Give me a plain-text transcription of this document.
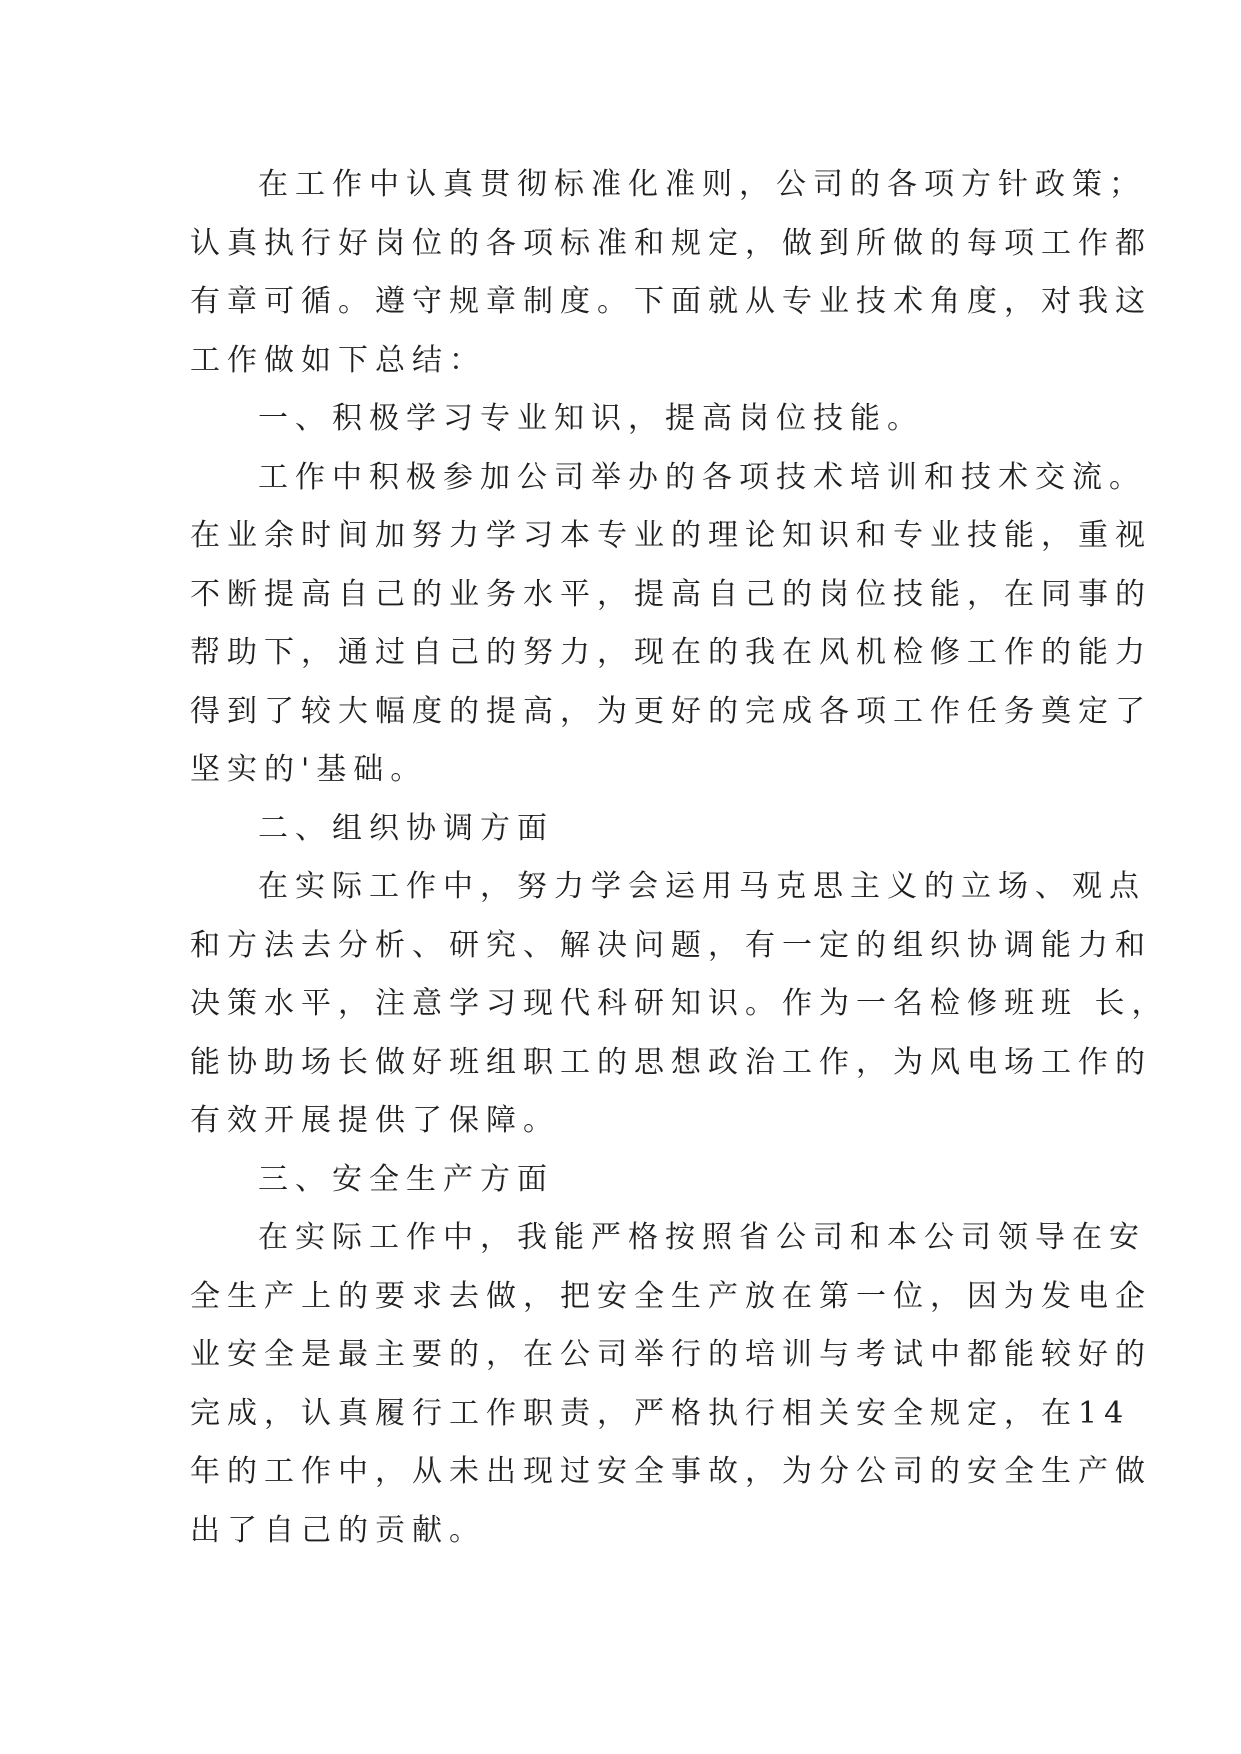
在工作中认真贯彻标准化准则，公司的各项方针政策；
认真执行好岗位的各项标准和规定，做到所做的每项工作都
有章可循。遵守规章制度。下面就从专业技术角度，对我这
工作做如下总结：

一、积极学习专业知识，提高岗位技能。

工作中积极参加公司举办的各项技术培训和技术交流。
在业余时间加努力学习本专业的理论知识和专业技能，重视
不断提高自己的业务水平，提高自己的岗位技能，在同事的
帮助下，通过自己的努力，现在的我在风机检修工作的能力
得到了较大幅度的提高，为更好的完成各项工作任务奠定了
坚实的'基础。

二、组织协调方面

在实际工作中，努力学会运用马克思主义的立场、观点
和方法去分析、研究、解决问题，有一定的组织协调能力和
决策水平，注意学习现代科研知识。作为一名检修班班 长，
能协助场长做好班组职工的思想政治工作，为风电场工作的
有效开展提供了保障。

三、安全生产方面

在实际工作中，我能严格按照省公司和本公司领导在安
全生产上的要求去做，把安全生产放在第一位，因为发电企
业安全是最主要的，在公司举行的培训与考试中都能较好的
完成，认真履行工作职责，严格执行相关安全规定，在14
年的工作中，从未出现过安全事故，为分公司的安全生产做
出了自己的贡献。
